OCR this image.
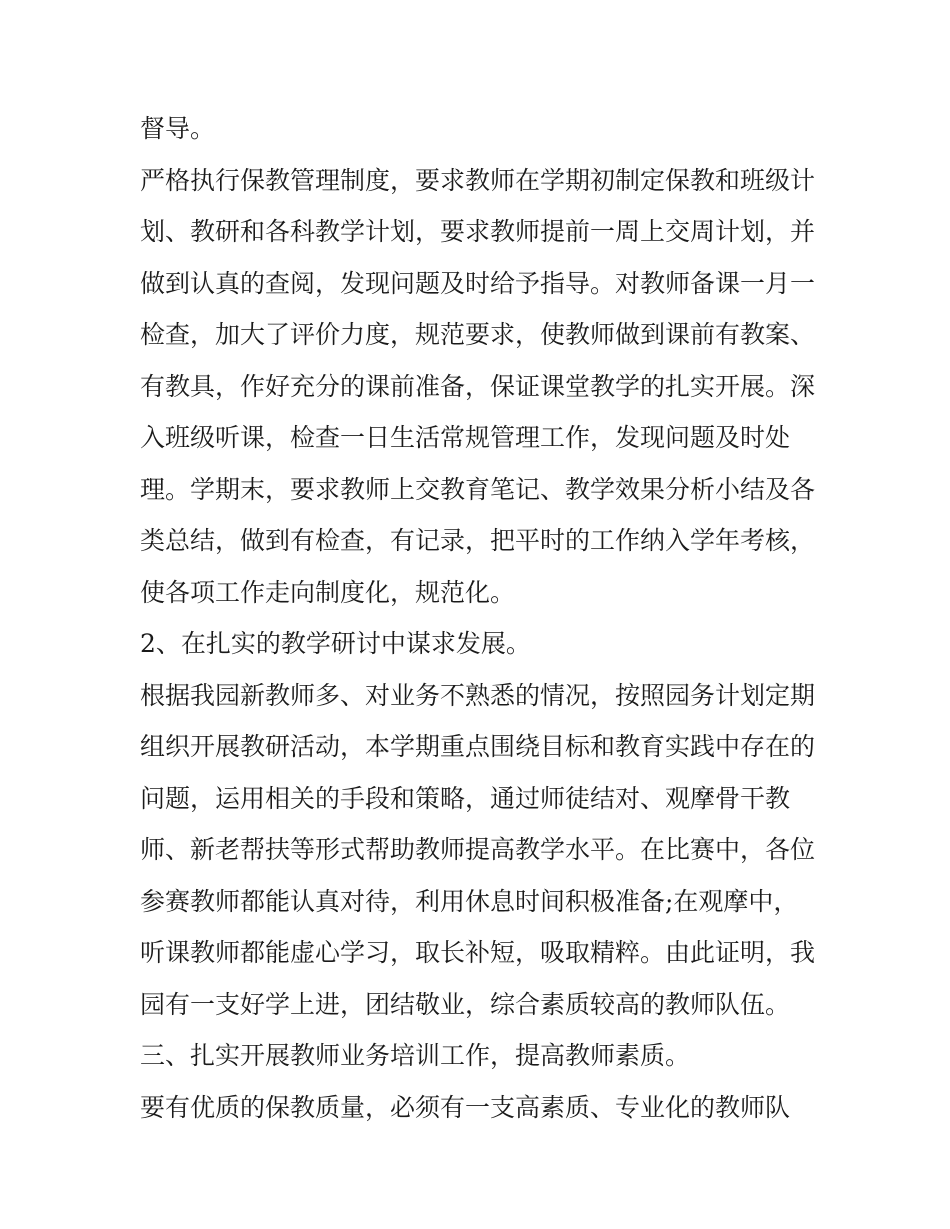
督导。
严格执行保教管理制度，要求教师在学期初制定保教和班级计
划、教研和各科教学计划，要求教师提前一周上交周计划，并
做到认真的查阅，发现问题及时给予指导。对教师备课一月一
检查，加大了评价力度，规范要求，使教师做到课前有教案、
有教具，作好充分的课前准备，保证课堂教学的扎实开展。深
入班级听课，检查一日生活常规管理工作，发现问题及时处
理。学期末，要求教师上交教育笔记、教学效果分析小结及各
类总结，做到有检查，有记录，把平时的工作纳入学年考核，
使各项工作走向制度化，规范化。
2、在扎实的教学研讨中谋求发展。
根据我园新教师多、对业务不熟悉的情况，按照园务计划定期
组织开展教研活动，本学期重点围绕目标和教育实践中存在的
问题，运用相关的手段和策略，通过师徒结对、观摩骨干教
师、新老帮扶等形式帮助教师提高教学水平。在比赛中，各位
参赛教师都能认真对待，利用休息时间积极准备;在观摩中，
听课教师都能虚心学习，取长补短，吸取精粹。由此证明，我
园有一支好学上进，团结敬业，综合素质较高的教师队伍。
三、扎实开展教师业务培训工作，提高教师素质。
要有优质的保教质量，必须有一支高素质、专业化的教师队
